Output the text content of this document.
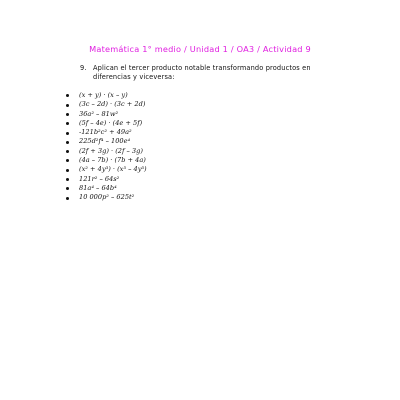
Matemática 1° medio / Unidad 1 / OA3 / Actividad 9
9. Aplican el tercer producto notable transformando productos en diferencias y viceversa:
(x + y) · (x – y)
(3c – 2d) · (3c + 2d)
36a² – 81w²
(5f – 4e) · (4e + 5f)
-121b²c² + 49a²
225d²f⁴ – 100e⁴
(2f + 3g) · (2f – 3g)
(4a – 7b) · (7b + 4a)
(x² + 4y³) · (x³ – 4y³)
121r² – 64s²
81a⁴ – 64b⁴
10 000p² – 625t²
